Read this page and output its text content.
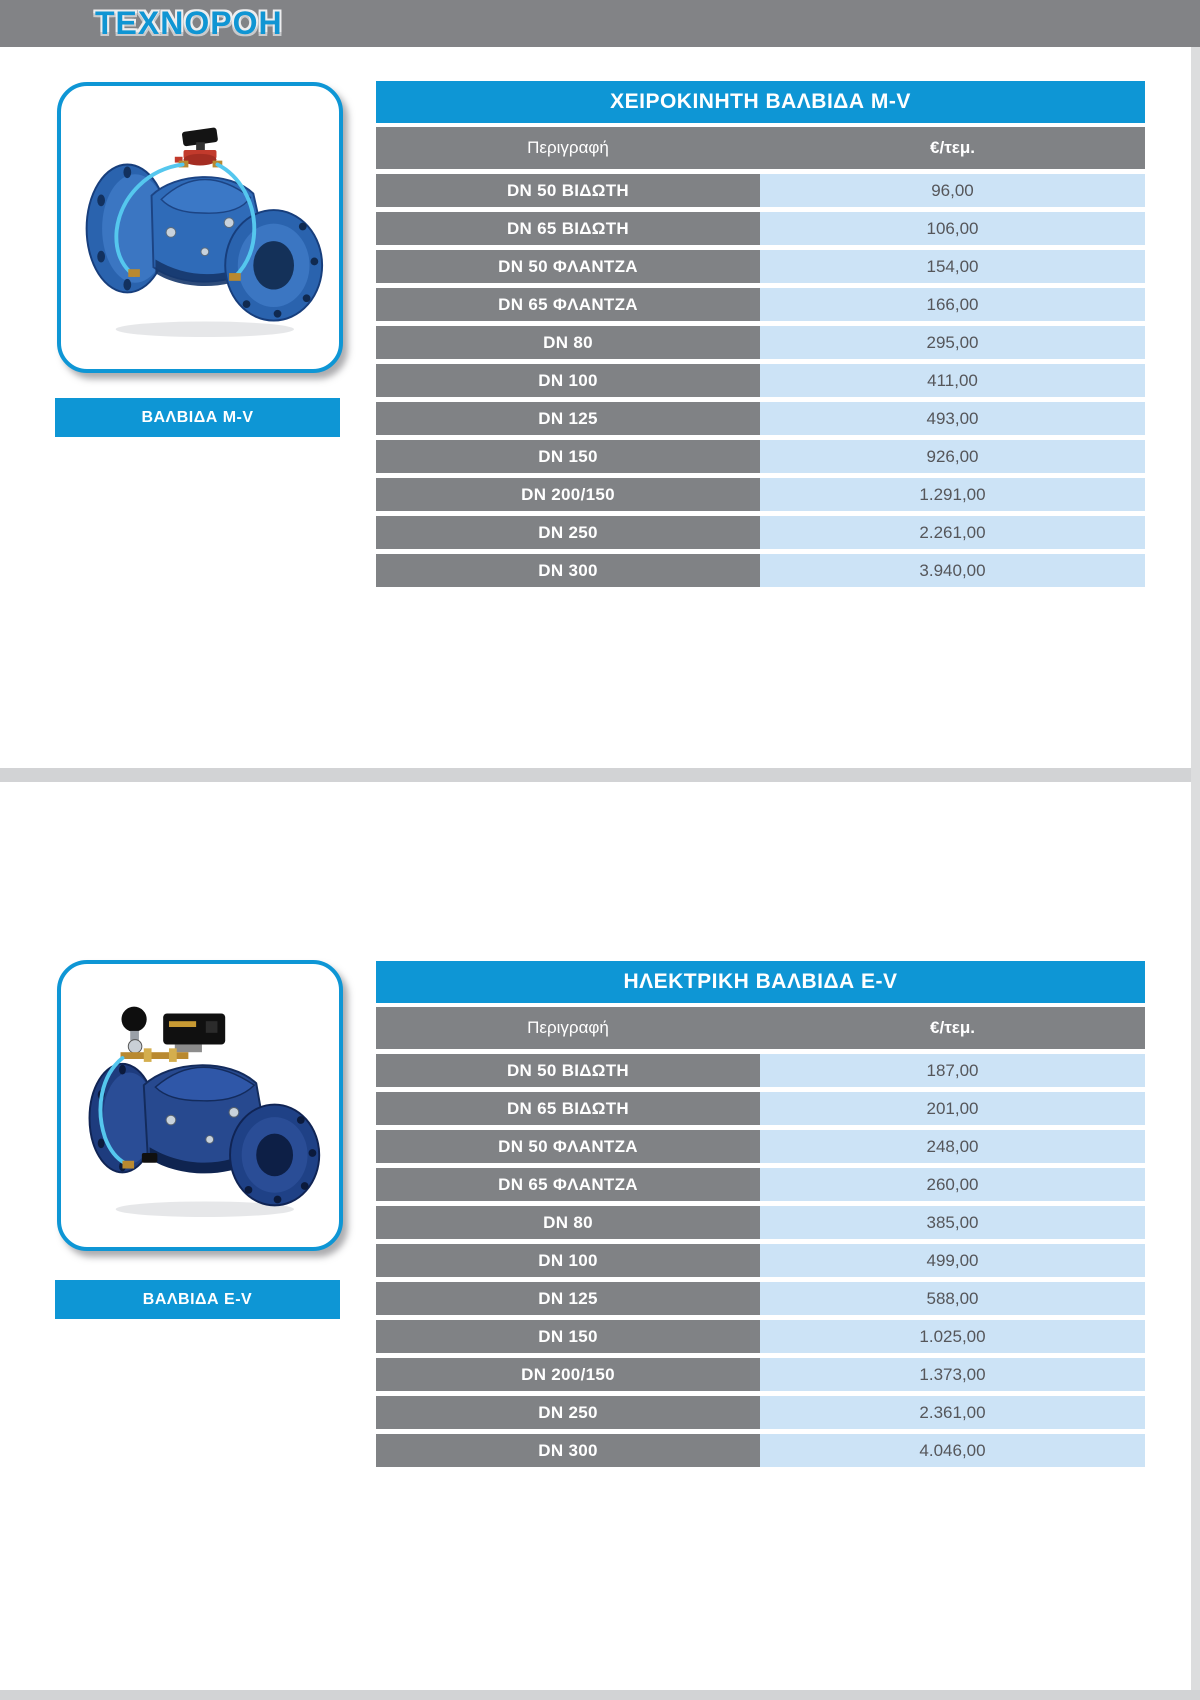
ΤΕΧΝΟΡΟΗ
ΒΑΛΒΙΔΑ M-V
ΧΕΙΡΟΚΙΝΗΤΗ ΒΑΛΒΙΔΑ M-V
Περιγραφή	€/τεμ.
DN 50 ΒΙΔΩΤΗ	96,00
DN 65 ΒΙΔΩΤΗ	106,00
DN 50 ΦΛΑΝΤΖΑ	154,00
DN 65 ΦΛΑΝΤΖΑ	166,00
DN 80	295,00
DN 100	411,00
DN 125	493,00
DN 150	926,00
DN 200/150	1.291,00
DN 250	2.261,00
DN 300	3.940,00
ΒΑΛΒΙΔΑ E-V
ΗΛΕΚΤΡΙΚΗ ΒΑΛΒΙΔΑ E-V
Περιγραφή	€/τεμ.
DN 50 ΒΙΔΩΤΗ	187,00
DN 65 ΒΙΔΩΤΗ	201,00
DN 50 ΦΛΑΝΤΖΑ	248,00
DN 65 ΦΛΑΝΤΖΑ	260,00
DN 80	385,00
DN 100	499,00
DN 125	588,00
DN 150	1.025,00
DN 200/150	1.373,00
DN 250	2.361,00
DN 300	4.046,00
